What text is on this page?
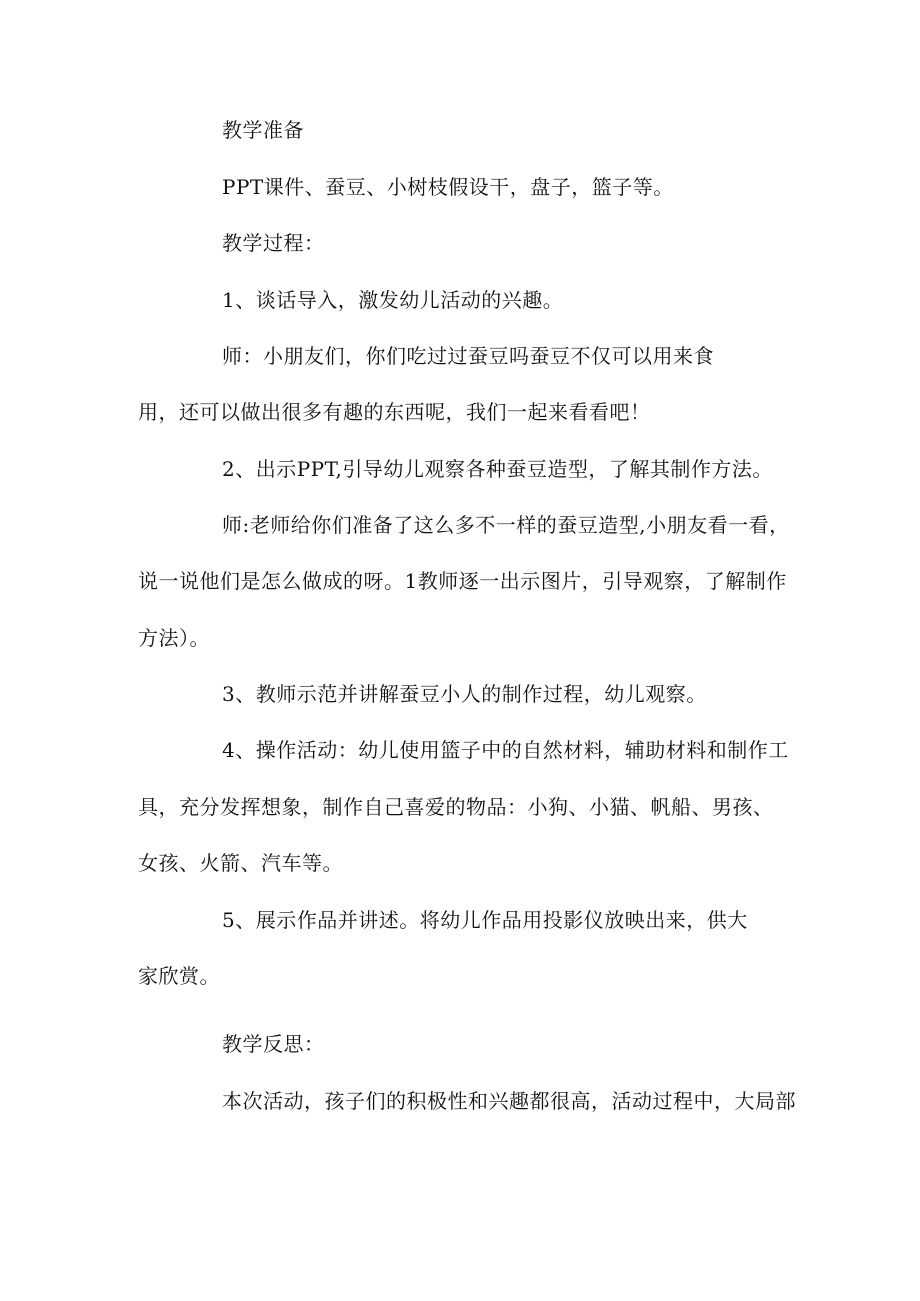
教学准备
PPT课件、蚕豆、小树枝假设干，盘子，篮子等。
教学过程：
1、谈话导入，激发幼儿活动的兴趣。
师：小朋友们，你们吃过过蚕豆吗蚕豆不仅可以用来食
用，还可以做出很多有趣的东西呢，我们一起来看看吧！
2、出示PPT,引导幼儿观察各种蚕豆造型，了解其制作方法。
师:老师给你们准备了这么多不一样的蚕豆造型,小朋友看一看，
说一说他们是怎么做成的呀。1教师逐一出示图片，引导观察，了解制作
方法）。
3、教师示范并讲解蚕豆小人的制作过程，幼儿观察。
4、操作活动：幼儿使用篮子中的自然材料，辅助材料和制作工
具，充分发挥想象，制作自己喜爱的物品：小狗、小猫、帆船、男孩、
女孩、火箭、汽车等。
5、展示作品并讲述。将幼儿作品用投影仪放映出来，供大
家欣赏。
教学反思：
本次活动，孩子们的积极性和兴趣都很高，活动过程中，大局部
